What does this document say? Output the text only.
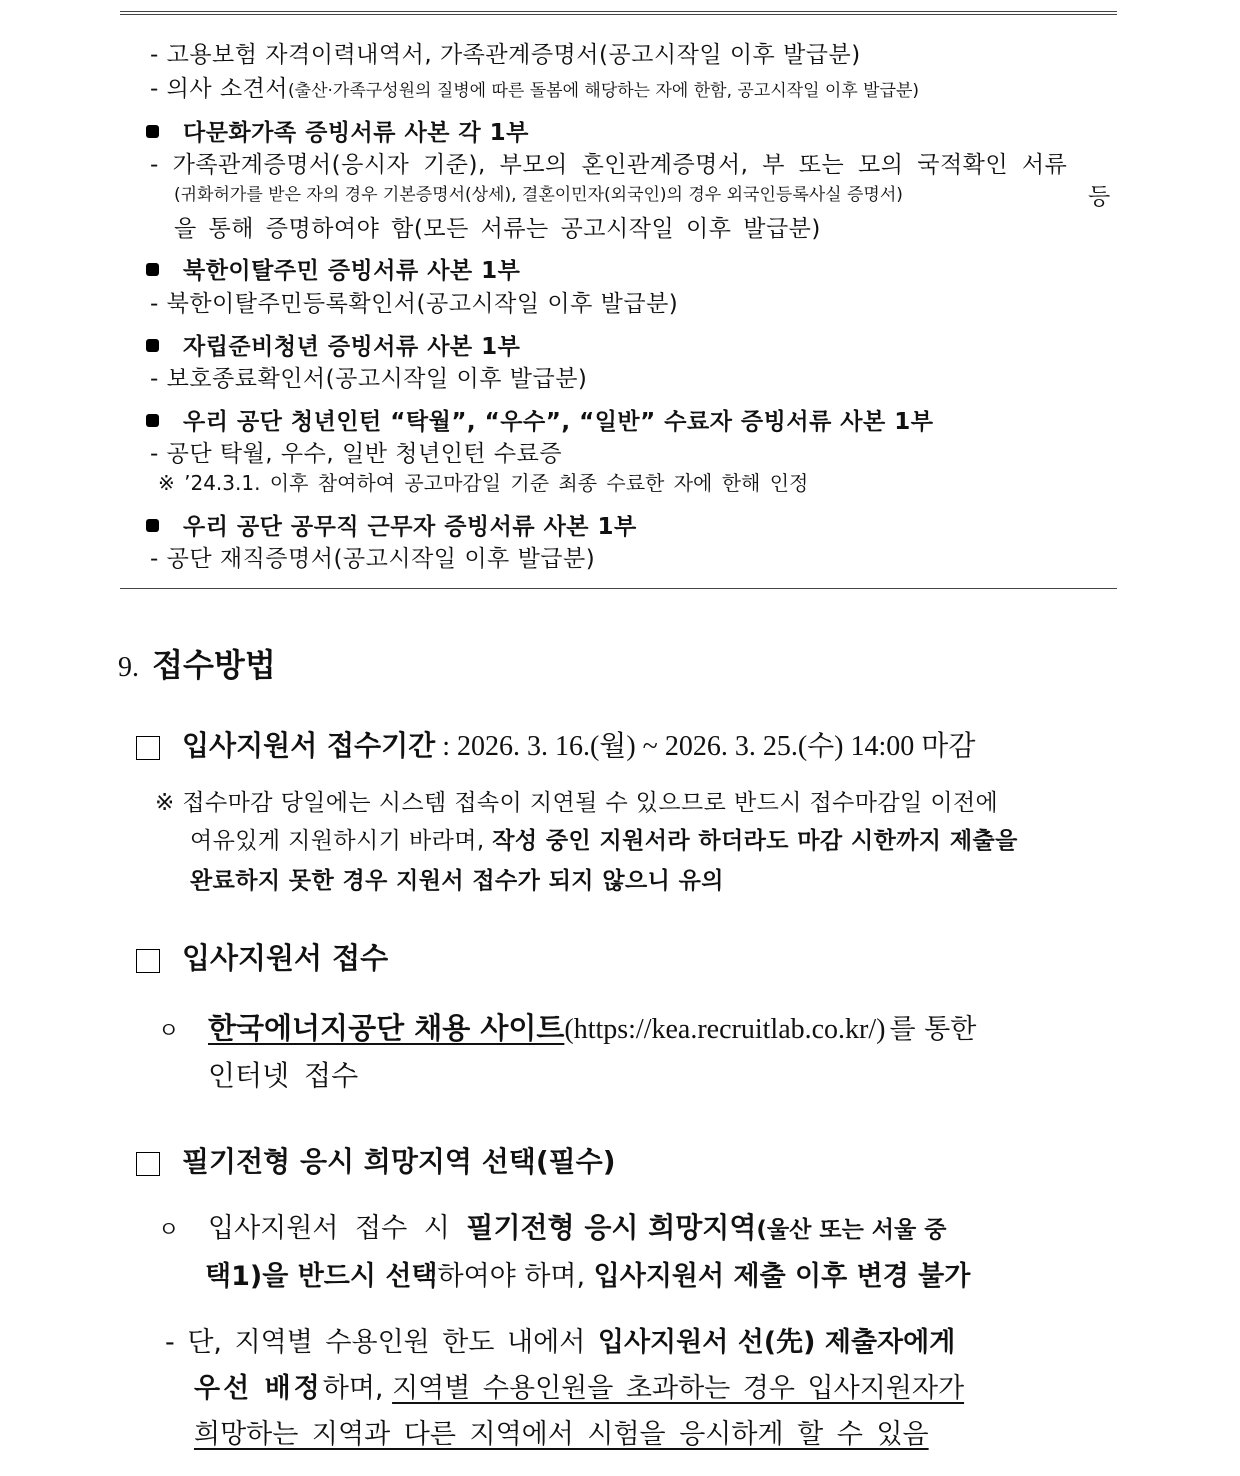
- 고용보험 자격이력내역서, 가족관계증명서(공고시작일 이후 발급분)
- 의사 소견서(출산·가족구성원의 질병에 따른 돌봄에 해당하는 자에 한함, 공고시작일 이후 발급분)
다문화가족 증빙서류 사본 각 1부
- 가족관계증명서(응시자 기준), 부모의 혼인관계증명서, 부 또는 모의 국적확인 서류
(귀화허가를 받은 자의 경우 기본증명서(상세), 결혼이민자(외국인)의 경우 외국인등록사실 증명서)	등
을 통해 증명하여야 함(모든 서류는 공고시작일 이후 발급분)
북한이탈주민 증빙서류 사본 1부
- 북한이탈주민등록확인서(공고시작일 이후 발급분)
자립준비청년 증빙서류 사본 1부
- 보호종료확인서(공고시작일 이후 발급분)
우리 공단 청년인턴 “탁월”, “우수”, “일반” 수료자 증빙서류 사본 1부
- 공단 탁월, 우수, 일반 청년인턴 수료증
※ ’24.3.1. 이후 참여하여 공고마감일 기준 최종 수료한 자에 한해 인정
우리 공단 공무직 근무자 증빙서류 사본 1부
- 공단 재직증명서(공고시작일 이후 발급분)
9. 접수방법
입사지원서 접수기간 : 2026. 3. 16.(월) ~ 2026. 3. 25.(수) 14:00 마감
※ 접수마감 당일에는 시스템 접속이 지연될 수 있으므로 반드시 접수마감일 이전에
여유있게 지원하시기 바라며, 작성 중인 지원서라 하더라도 마감 시한까지 제출을
완료하지 못한 경우 지원서 접수가 되지 않으니 유의
입사지원서 접수
ㅇ 한국에너지공단 채용 사이트(https://kea.recruitlab.co.kr/) 를 통한
인터넷 접수
필기전형 응시 희망지역 선택(필수)
ㅇ 입사지원서 접수 시 필기전형 응시 희망지역(울산 또는 서울 중
택1)을 반드시 선택하여야 하며, 입사지원서 제출 이후 변경 불가
- 단, 지역별 수용인원 한도 내에서 입사지원서 선(先) 제출자에게
우선 배정하며, 지역별 수용인원을 초과하는 경우 입사지원자가
희망하는 지역과 다른 지역에서 시험을 응시하게 할 수 있음
